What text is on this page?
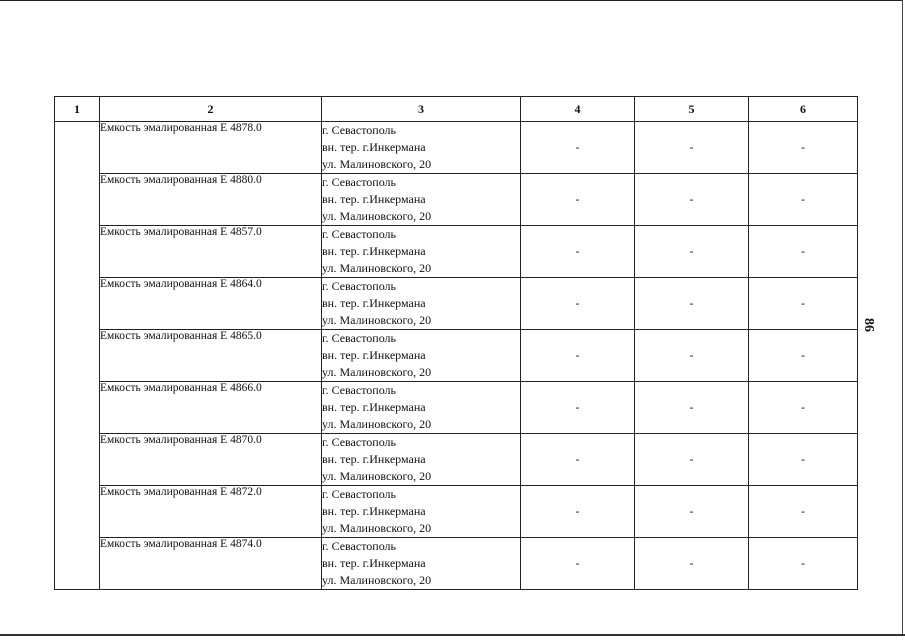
1	2	3	4	5	6
	Емкость эмалированная Е 4878.0	г. Севастополь
вн. тер. г.Инкермана
ул. Малиновского, 20	-	-	-
	Емкость эмалированная Е 4880.0	г. Севастополь
вн. тер. г.Инкермана
ул. Малиновского, 20	-	-	-
	Емкость эмалированная Е 4857.0	г. Севастополь
вн. тер. г.Инкермана
ул. Малиновского, 20	-	-	-
	Емкость эмалированная Е 4864.0	г. Севастополь
вн. тер. г.Инкермана
ул. Малиновского, 20	-	-	-
	Емкость эмалированная Е 4865.0	г. Севастополь
вн. тер. г.Инкермана
ул. Малиновского, 20	-	-	-
	Емкость эмалированная Е 4866.0	г. Севастополь
вн. тер. г.Инкермана
ул. Малиновского, 20	-	-	-
	Емкость эмалированная Е 4870.0	г. Севастополь
вн. тер. г.Инкермана
ул. Малиновского, 20	-	-	-
	Емкость эмалированная Е 4872.0	г. Севастополь
вн. тер. г.Инкермана
ул. Малиновского, 20	-	-	-
	Емкость эмалированная Е 4874.0	г. Севастополь
вн. тер. г.Инкермана
ул. Малиновского, 20	-	-	-
86
